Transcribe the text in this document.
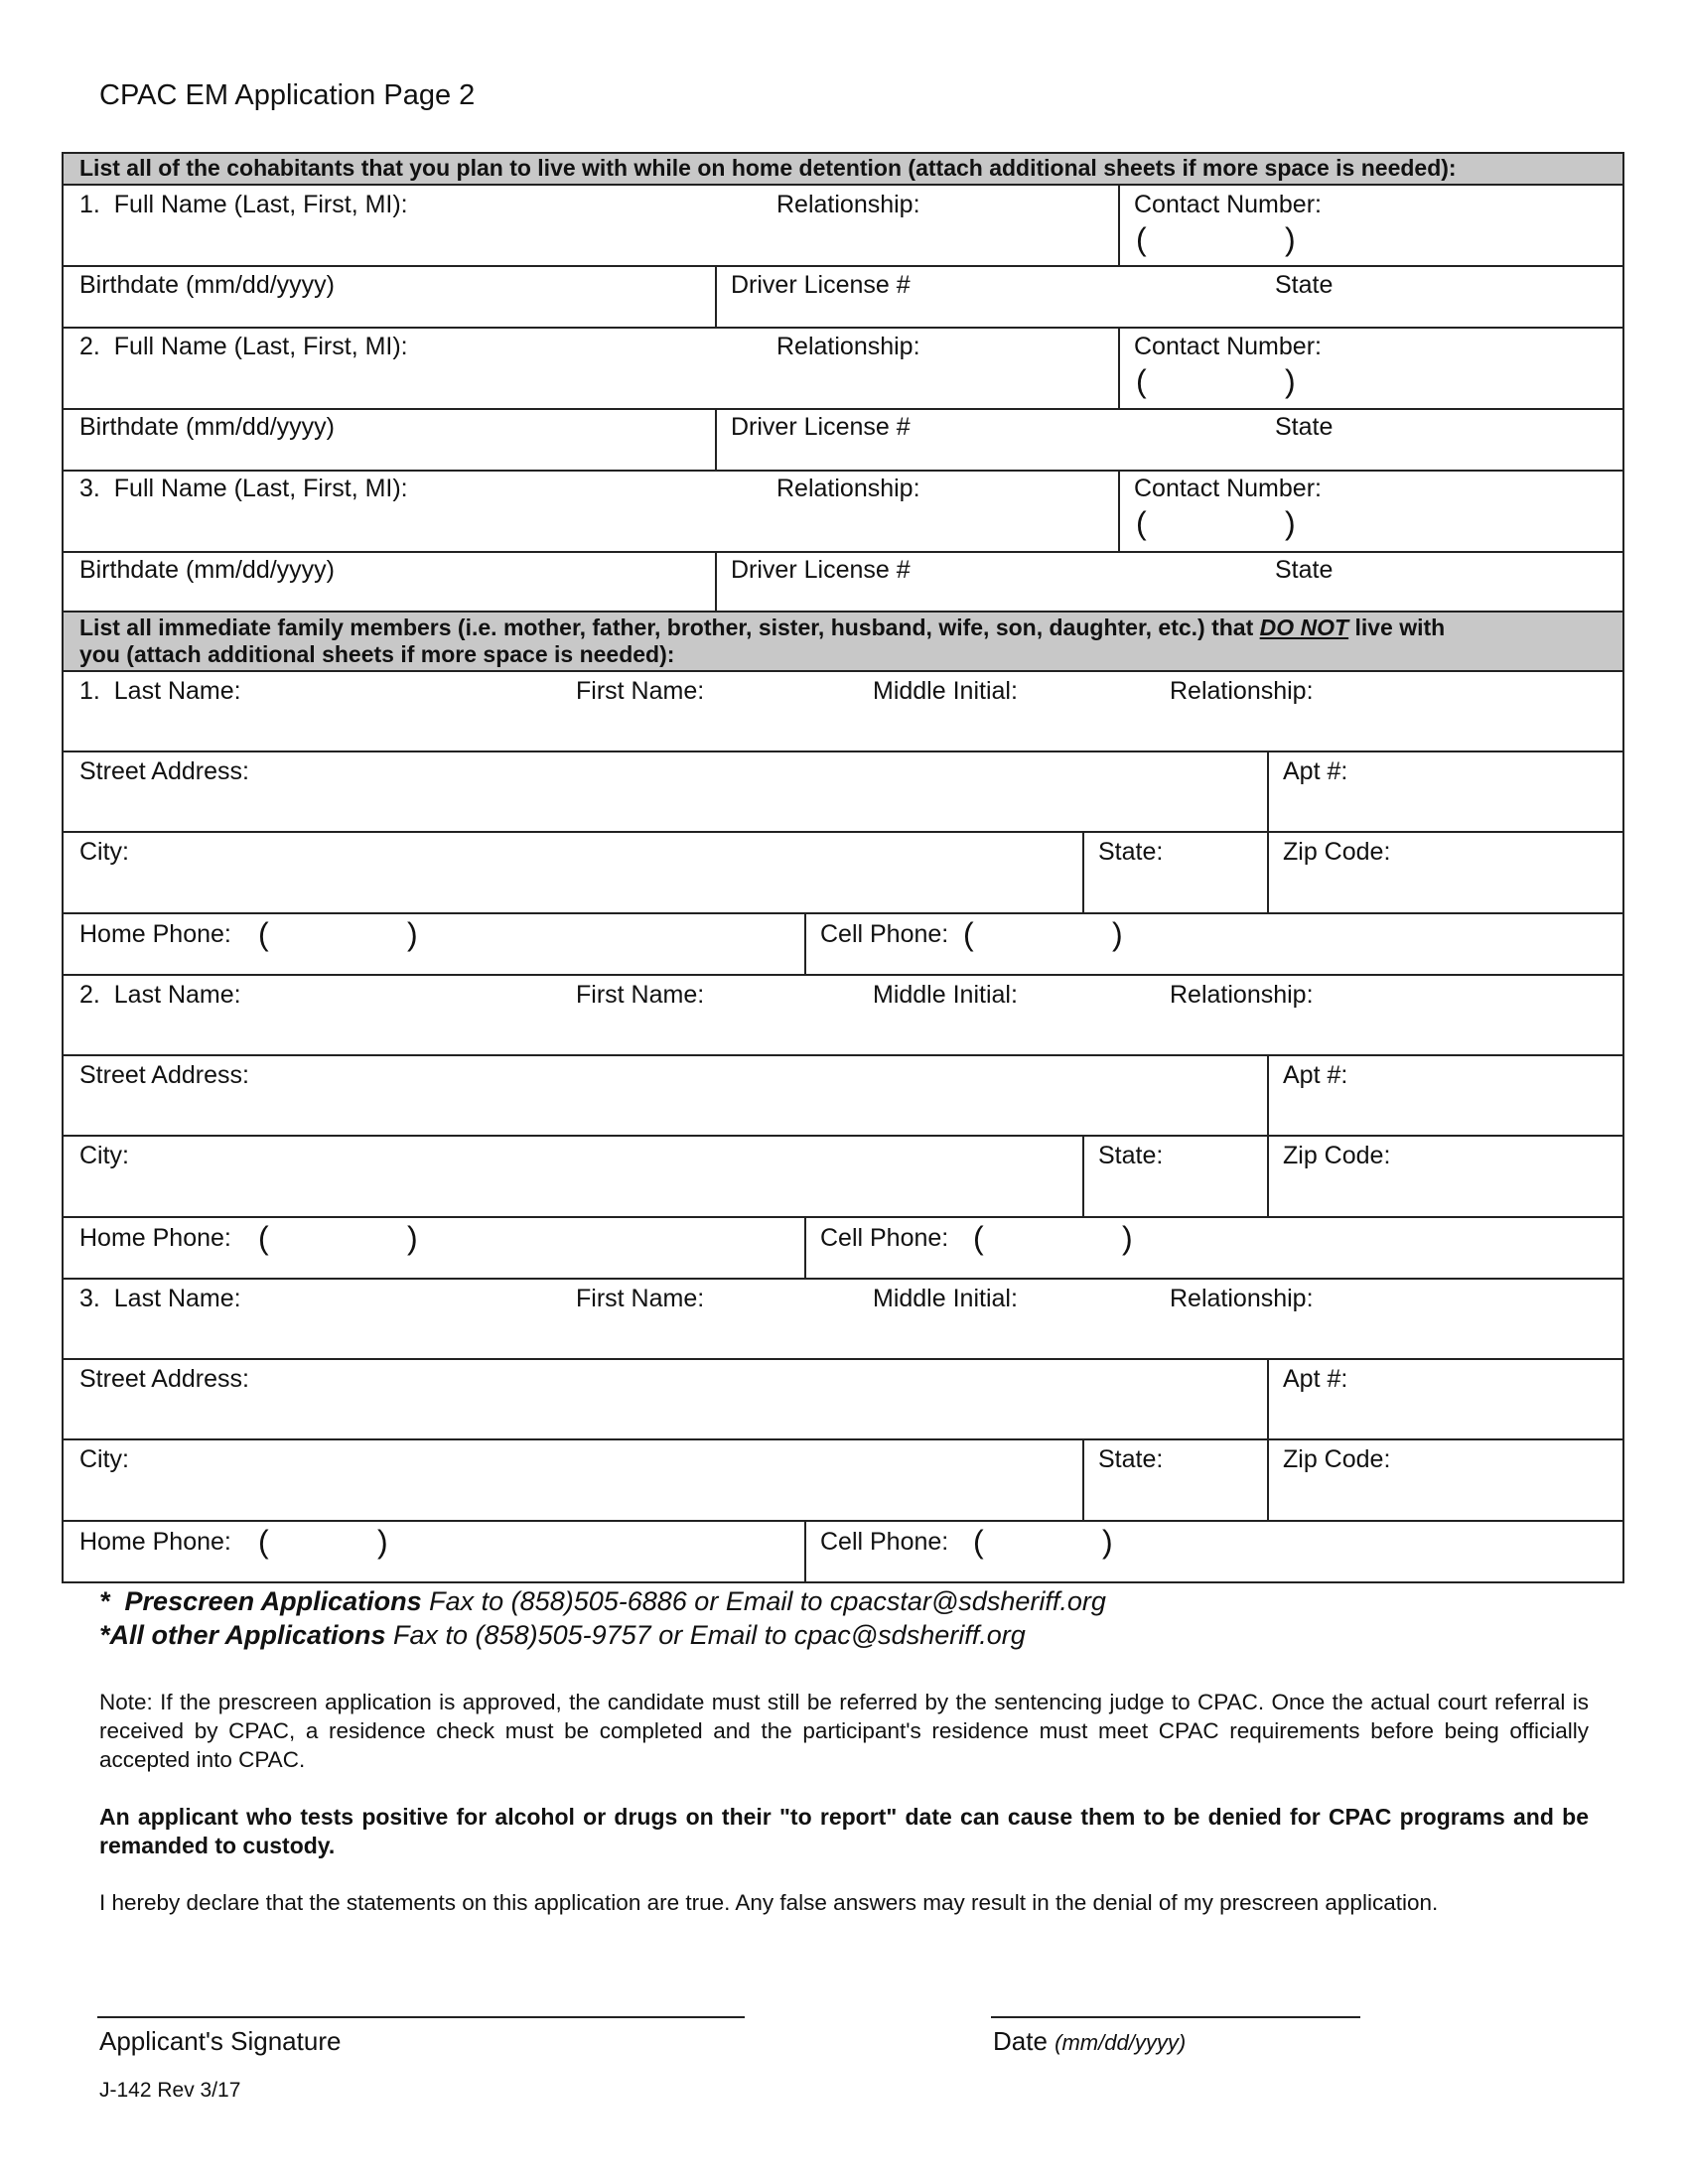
CPAC EM Application Page 2
List all of the cohabitants that you plan to live with while on home detention (attach additional sheets if more space is needed):
1. Full Name (Last, First, MI):	Relationship:	Contact Number:
(	)
Birthdate (mm/dd/yyyy)	Driver License #	State
2. Full Name (Last, First, MI):	Relationship:	Contact Number:
(	)
Birthdate (mm/dd/yyyy)	Driver License #	State
3. Full Name (Last, First, MI):	Relationship:	Contact Number:
(	)
Birthdate (mm/dd/yyyy)	Driver License #	State
List all immediate family members (i.e. mother, father, brother, sister, husband, wife, son, daughter, etc.) that DO NOT live with
you (attach additional sheets if more space is needed):
1. Last Name:	First Name:	Middle Initial:	Relationship:
Street Address:	Apt #:
City:	State:	Zip Code:
Home Phone: (	)	Cell Phone: (	)
2. Last Name:	First Name:	Middle Initial:	Relationship:
Street Address:	Apt #:
City:	State:	Zip Code:
Home Phone: (	)	Cell Phone: (	)
3. Last Name:	First Name:	Middle Initial:	Relationship:
Street Address:	Apt #:
City:	State:	Zip Code:
Home Phone: (	)	Cell Phone: (	)
* Prescreen Applications Fax to (858)505-6886 or Email to cpacstar@sdsheriff.org
*All other Applications Fax to (858)505-9757 or Email to cpac@sdsheriff.org
Note: If the prescreen application is approved, the candidate must still be referred by the sentencing judge to CPAC. Once the actual court referral is received by CPAC, a residence check must be completed and the participant's residence must meet CPAC requirements before being officially accepted into CPAC.
An applicant who tests positive for alcohol or drugs on their "to report" date can cause them to be denied for CPAC programs and be remanded to custody.
I hereby declare that the statements on this application are true. Any false answers may result in the denial of my prescreen application.
Applicant's Signature	Date (mm/dd/yyyy)
J-142 Rev 3/17
